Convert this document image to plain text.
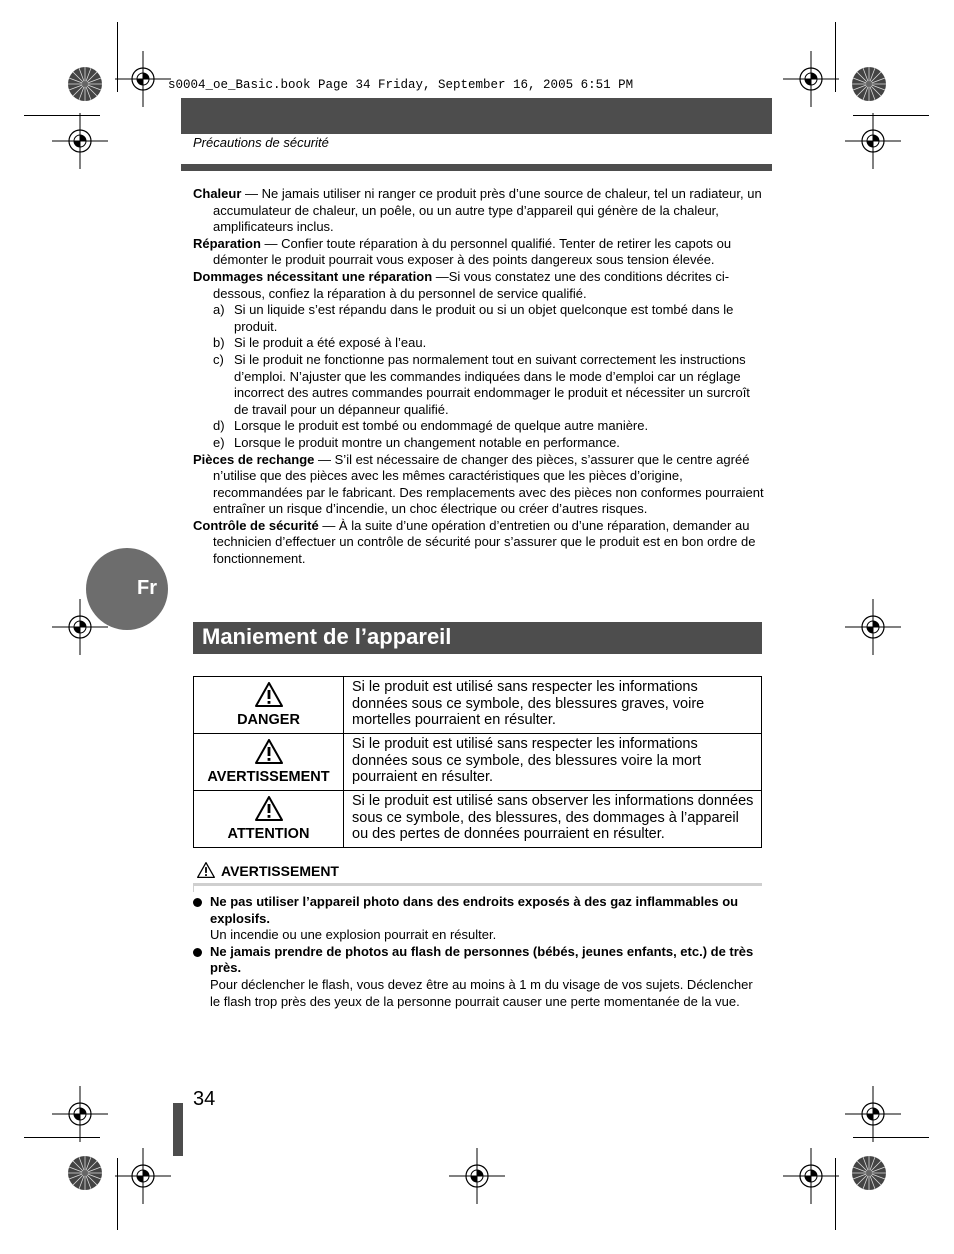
s0004_oe_Basic.book Page 34 Friday, September 16, 2005 6:51 PM
Précautions de sécurité

Chaleur — Ne jamais utiliser ni ranger ce produit près d’une source de chaleur, tel un radiateur, un accumulateur de chaleur, un poêle, ou un autre type d’appareil qui génère de la chaleur, amplificateurs inclus.

Réparation — Confier toute réparation à du personnel qualifié. Tenter de retirer les capots ou démonter le produit pourrait vous exposer à des points dangereux sous tension élevée.

Dommages nécessitant une réparation —Si vous constatez une des conditions décrites ci-dessous, confiez la réparation à du personnel de service qualifié.

a) Si un liquide s’est répandu dans le produit ou si un objet quelconque est tombé dans le produit.

b) Si le produit a été exposé à l’eau.

c) Si le produit ne fonctionne pas normalement tout en suivant correctement les instructions d’emploi. N’ajuster que les commandes indiquées dans le mode d’emploi car un réglage incorrect des autres commandes pourrait endommager le produit et nécessiter un surcroît de travail pour un dépanneur qualifié.

d) Lorsque le produit est tombé ou endommagé de quelque autre manière.

e) Lorsque le produit montre un changement notable en performance.

Pièces de rechange — S’il est nécessaire de changer des pièces, s’assurer que le centre agréé n’utilise que des pièces avec les mêmes caractéristiques que les pièces d’origine, recommandées par le fabricant. Des remplacements avec des pièces non conformes pourraient entraîner un risque d’incendie, un choc électrique ou créer d’autres risques.

Contrôle de sécurité — À la suite d’une opération d’entretien ou d’une réparation, demander au technicien d’effectuer un contrôle de sécurité pour s’assurer que le produit est en bon ordre de fonctionnement.

Fr
Maniement de l’appareil
DANGER	Si le produit est utilisé sans respecter les informations données sous ce symbole, des blessures graves, voire mortelles pourraient en résulter.

AVERTISSEMENT	Si le produit est utilisé sans respecter les informations données sous ce symbole, des blessures voire la mort pourraient en résulter.

ATTENTION	Si le produit est utilisé sans observer les informations données sous ce symbole, des blessures, des dommages à l’appareil ou des pertes de données pourraient en résulter.
AVERTISSEMENT

Ne pas utiliser l’appareil photo dans des endroits exposés à des gaz inflammables ou explosifs.
Un incendie ou une explosion pourrait en résulter.

Ne jamais prendre de photos au flash de personnes (bébés, jeunes enfants, etc.) de très près.
Pour déclencher le flash, vous devez être au moins à 1 m du visage de vos sujets. Déclencher le flash trop près des yeux de la personne pourrait causer une perte momentanée de la vue.

34
